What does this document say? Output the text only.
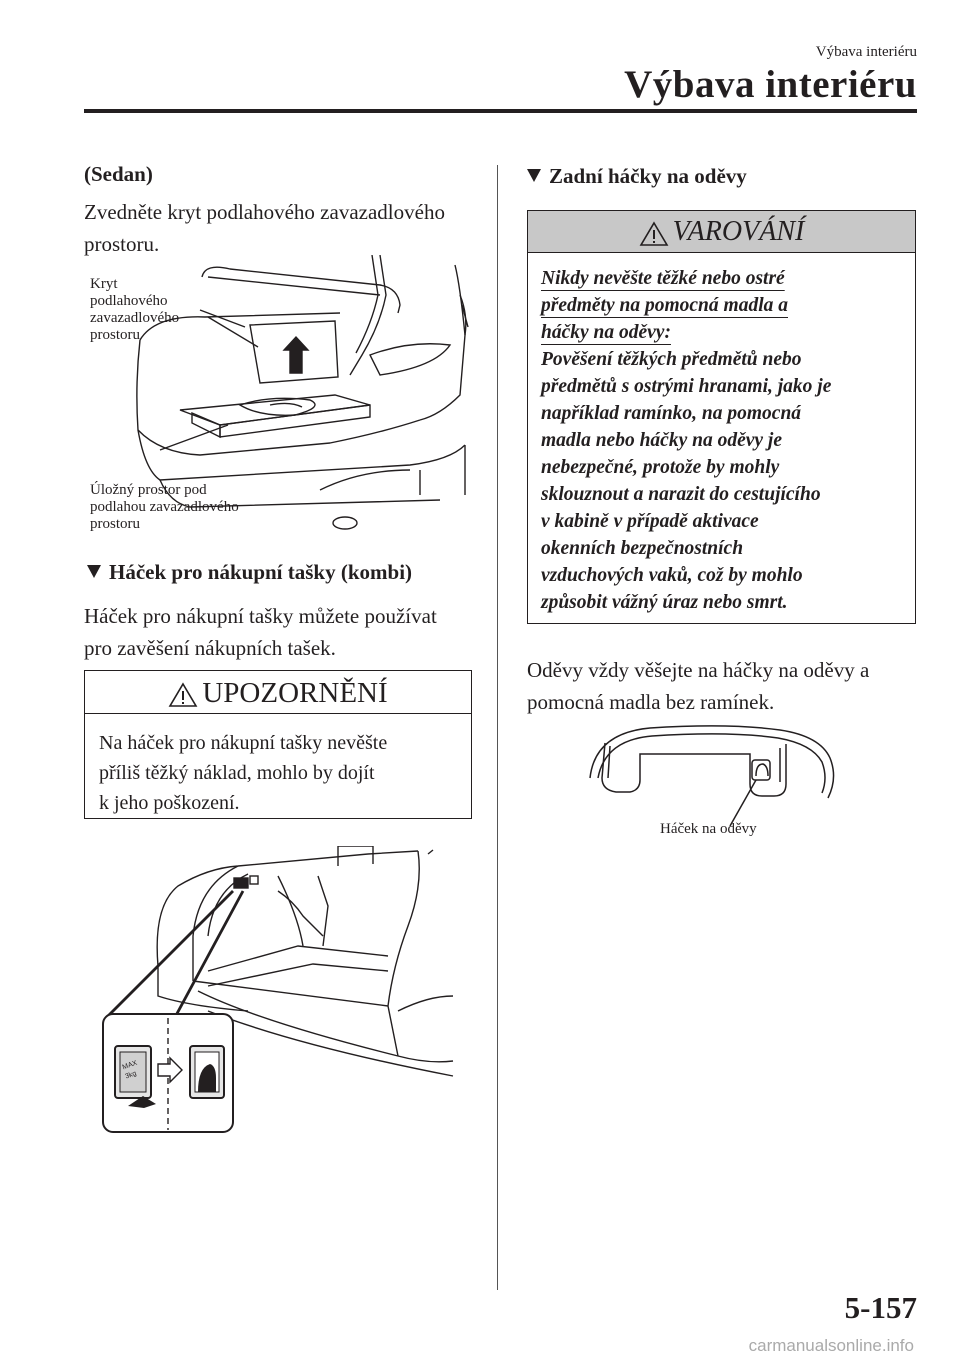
Výbava interiéru
Výbava interiéru
(Sedan)
Zvedněte kryt podlahového zavazadlového
prostoru.
Kryt
podlahového
zavazadlového
prostoru
Úložný prostor pod
podlahou zavazadlového
prostoru
Háček pro nákupní tašky (kombi)
Háček pro nákupní tašky můžete používat
pro zavěšení nákupních tašek.
UPOZORNĚNÍ
Na háček pro nákupní tašky nevěšte
příliš těžký náklad, mohlo by dojít
k jeho poškození.
MAX
3kg
Zadní háčky na oděvy
VAROVÁNÍ
Nikdy nevěšte těžké nebo ostré
předměty na pomocná madla a
háčky na oděvy:
Pověšení těžkých předmětů nebo
předmětů s ostrými hranami, jako je
například ramínko, na pomocná
madla nebo háčky na oděvy je
nebezpečné, protože by mohly
sklouznout a narazit do cestujícího
v kabině v případě aktivace
okenních bezpečnostních
vzduchových vaků, což by mohlo
způsobit vážný úraz nebo smrt.
Oděvy vždy věšejte na háčky na oděvy a
pomocná madla bez ramínek.
Háček na oděvy
5-157
carmanualsonline.info
